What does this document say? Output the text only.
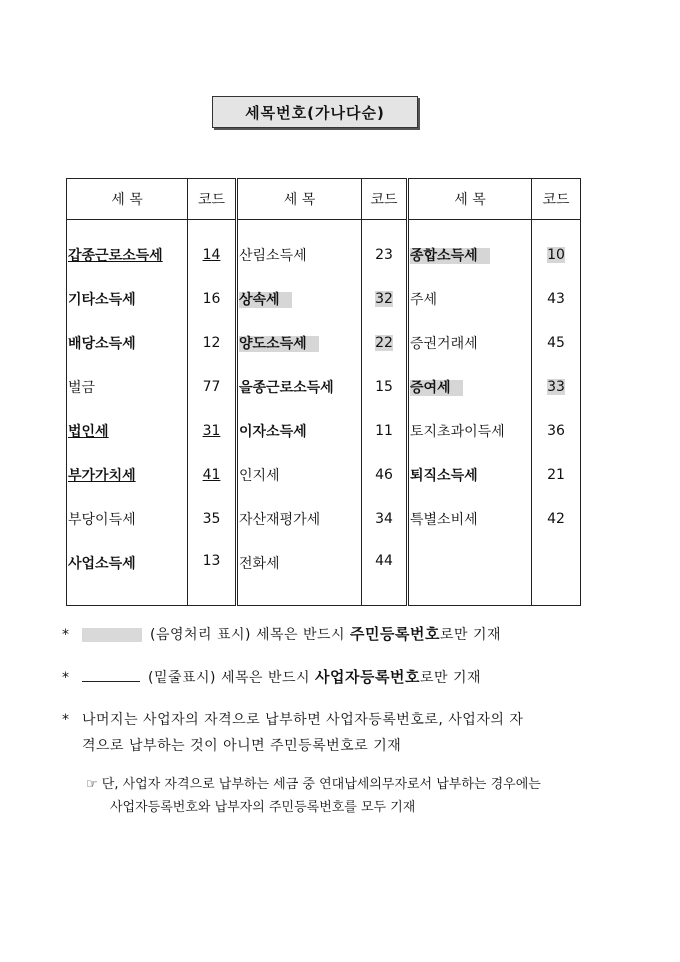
세목번호(가나다순)
세 목	코드	세 목	코드	세 목	코드
갑종근로소득세	14	산림소득세	23	종합소득세	10
기타소득세	16	상속세	32	주세	43
배당소득세	12	양도소득세	22	증권거래세	45
벌금	77	을종근로소득세	15	증여세	33
법인세	31	이자소득세	11	토지초과이득세	36
부가가치세	41	인지세	46	퇴직소득세	21
부당이득세	35	자산재평가세	34	특별소비세	42
사업소득세	13	전화세	44		
*	(음영처리 표시) 세목은 반드시 주민등록번호로만 기재
*	(밑줄표시) 세목은 반드시 사업자등록번호로만 기재
* 나머지는 사업자의 자격으로 납부하면 사업자등록번호로, 사업자의 자
격으로 납부하는 것이 아니면 주민등록번호로 기재
☞ 단, 사업자 자격으로 납부하는 세금 중 연대납세의무자로서 납부하는 경우에는
사업자등록번호와 납부자의 주민등록번호를 모두 기재
